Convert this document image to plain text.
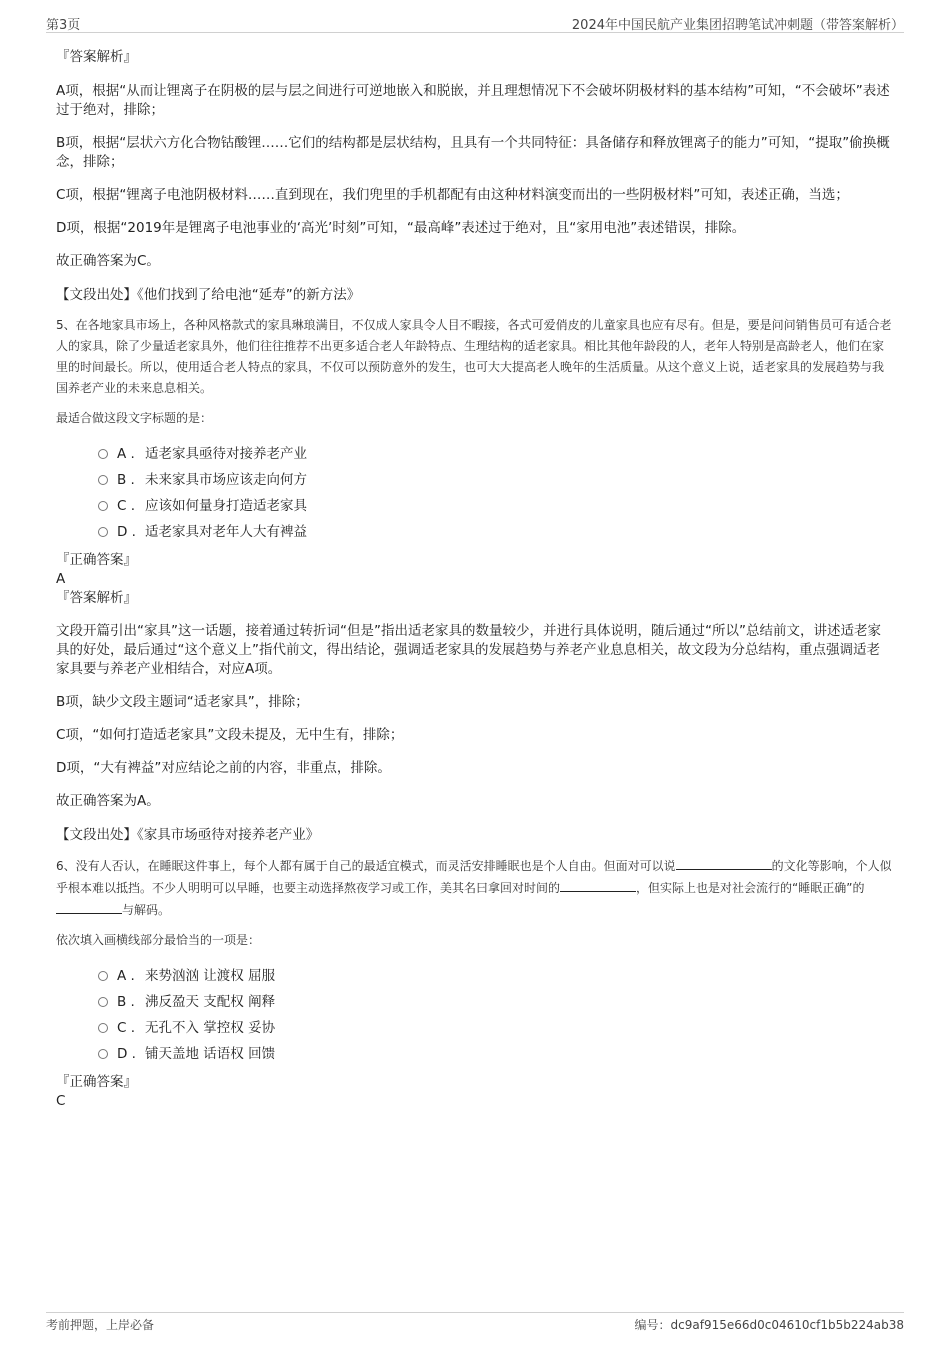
第3页	2024年中国民航产业集团招聘笔试冲刺题（带答案解析）

『答案解析』

A项，根据“从而让锂离子在阴极的层与层之间进行可逆地嵌入和脱嵌，并且理想情况下不会破坏阴极材料的基本结构”可知，“不会破坏”表述过于绝对，排除；

B项，根据“层状六方化合物钴酸锂……它们的结构都是层状结构，且具有一个共同特征：具备储存和释放锂离子的能力”可知，“提取”偷换概念，排除；

C项，根据“锂离子电池阴极材料……直到现在，我们兜里的手机都配有由这种材料演变而出的一些阴极材料”可知，表述正确，当选；

D项，根据“2019年是锂离子电池事业的‘高光’时刻”可知，“最高峰”表述过于绝对，且“家用电池”表述错误，排除。

故正确答案为C。

【文段出处】《他们找到了给电池“延寿”的新方法》

5、在各地家具市场上，各种风格款式的家具琳琅满目，不仅成人家具令人目不暇接，各式可爱俏皮的儿童家具也应有尽有。但是，要是问问销售员可有适合老人的家具，除了少量适老家具外，他们往往推荐不出更多适合老人年龄特点、生理结构的适老家具。相比其他年龄段的人，老年人特别是高龄老人，他们在家里的时间最长。所以，使用适合老人特点的家具，不仅可以预防意外的发生，也可大大提高老人晚年的生活质量。从这个意义上说，适老家具的发展趋势与我国养老产业的未来息息相关。

最适合做这段文字标题的是：

A . 适老家具亟待对接养老产业
B . 未来家具市场应该走向何方
C . 应该如何量身打造适老家具
D . 适老家具对老年人大有裨益

『正确答案』

A

『答案解析』

文段开篇引出“家具”这一话题，接着通过转折词“但是”指出适老家具的数量较少，并进行具体说明，随后通过“所以”总结前文，讲述适老家具的好处，最后通过“这个意义上”指代前文，得出结论，强调适老家具的发展趋势与养老产业息息相关，故文段为分总结构，重点强调适老家具要与养老产业相结合，对应A项。

B项，缺少文段主题词“适老家具”，排除；

C项，“如何打造适老家具”文段未提及，无中生有，排除；

D项，“大有裨益”对应结论之前的内容，非重点，排除。

故正确答案为A。

【文段出处】《家具市场亟待对接养老产业》

6、没有人否认，在睡眠这件事上，每个人都有属于自己的最适宜模式，而灵活安排睡眠也是个人自由。但面对可以说	的文化等影响，个人似乎根本难以抵挡。不少人明明可以早睡，也要主动选择熬夜学习或工作，美其名曰拿回对时间的	，但实际上也是对社会流行的“睡眠正确”的与解码。

依次填入画横线部分最恰当的一项是：

A . 来势汹汹 让渡权 屈服
B . 沸反盈天 支配权 阐释
C . 无孔不入 掌控权 妥协
D . 铺天盖地 话语权 回馈

『正确答案』

C

考前押题，上岸必备	编号：dc9af915e66d0c04610cf1b5b224ab38
